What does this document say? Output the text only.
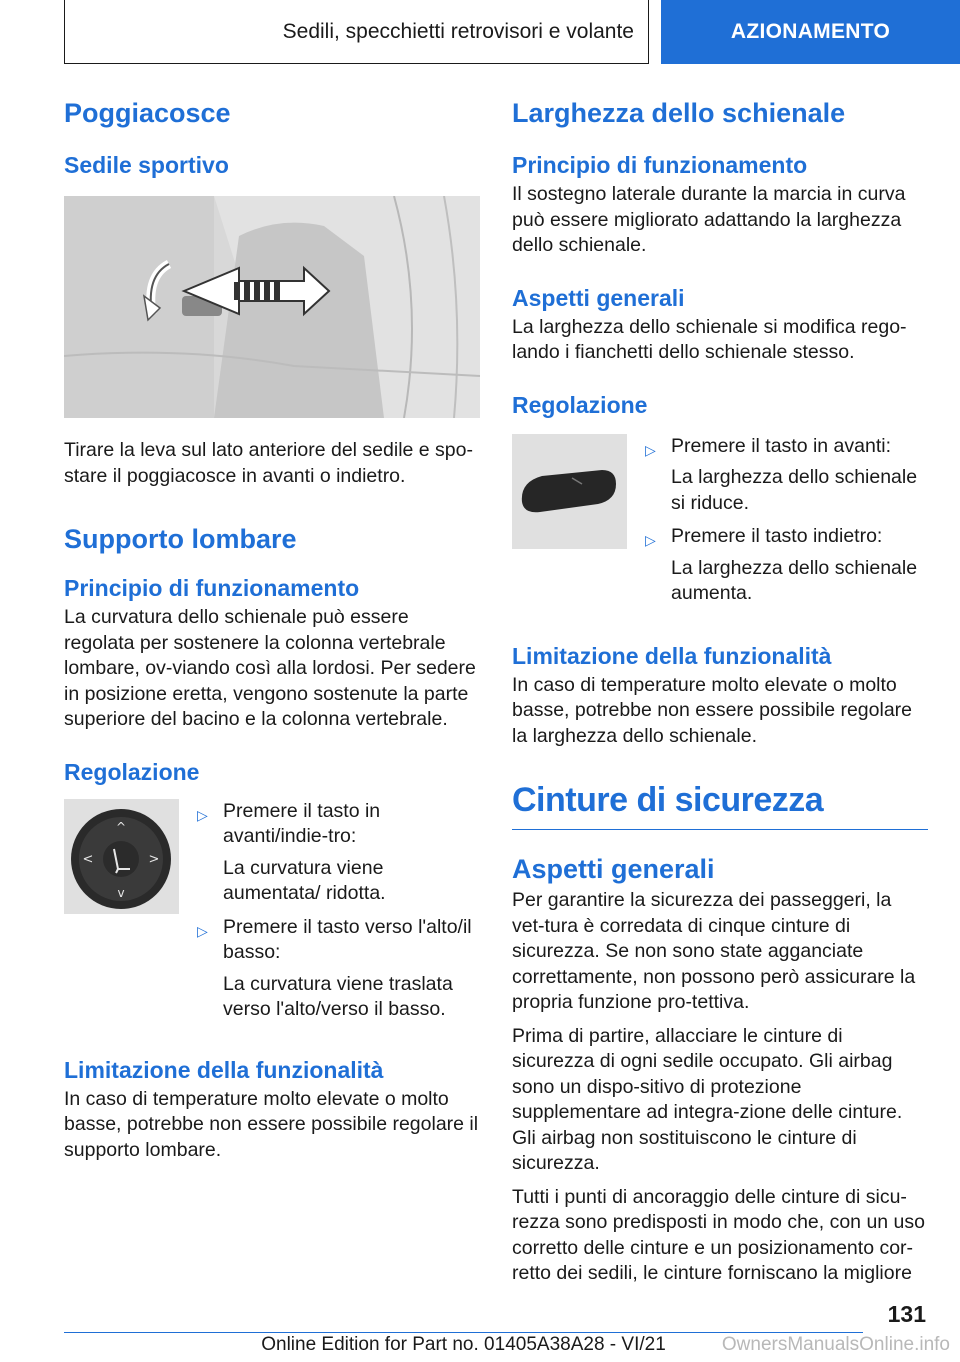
Sedili, specchietti retrovisori e volante	AZIONAMENTO
Poggiacosce
Sedile sportivo

Tirare la leva sul lato anteriore del sedile e spo-stare il poggiacosce in avanti o indietro.

Supporto lombare
Principio di funzionamento

La curvatura dello schienale può essere regolata per sostenere la colonna vertebrale lombare, ov-viando così alla lordosi. Per sedere in posizione eretta, vengono sostenute la parte superiore del bacino e la colonna vertebrale.

Regolazione
^
v
<	>
▷ Premere il tasto in avanti/indie-tro:
La curvatura viene aumentata/ ridotta.
▷ Premere il tasto verso l'alto/il basso:
La curvatura viene traslata verso l'alto/verso il basso.
Limitazione della funzionalità

In caso di temperature molto elevate o molto basse, potrebbe non essere possibile regolare il supporto lombare.

Larghezza dello schienale
Principio di funzionamento

Il sostegno laterale durante la marcia in curva può essere migliorato adattando la larghezza dello schienale.

Aspetti generali

La larghezza dello schienale si modifica rego-lando i fianchetti dello schienale stesso.

Regolazione
▷ Premere il tasto in avanti:
La larghezza dello schienale si riduce.
▷ Premere il tasto indietro:
La larghezza dello schienale aumenta.
Limitazione della funzionalità

In caso di temperature molto elevate o molto basse, potrebbe non essere possibile regolare la larghezza dello schienale.

Cinture di sicurezza
Aspetti generali

Per garantire la sicurezza dei passeggeri, la vet-tura è corredata di cinque cinture di sicurezza. Se non sono state agganciate correttamente, non possono però assicurare la propria funzione pro-tettiva.

Prima di partire, allacciare le cinture di sicurezza di ogni sedile occupato. Gli airbag sono un dispo-sitivo di protezione supplementare ad integra-zione delle cinture. Gli airbag non sostituiscono le cinture di sicurezza.

Tutti i punti di ancoraggio delle cinture di sicu-rezza sono predisposti in modo che, con un uso corretto delle cinture e un posizionamento cor-retto dei sedili, le cinture forniscano la migliore

131
Online Edition for Part no. 01405A38A28 - VI/21	OwnersManualsOnline.info
